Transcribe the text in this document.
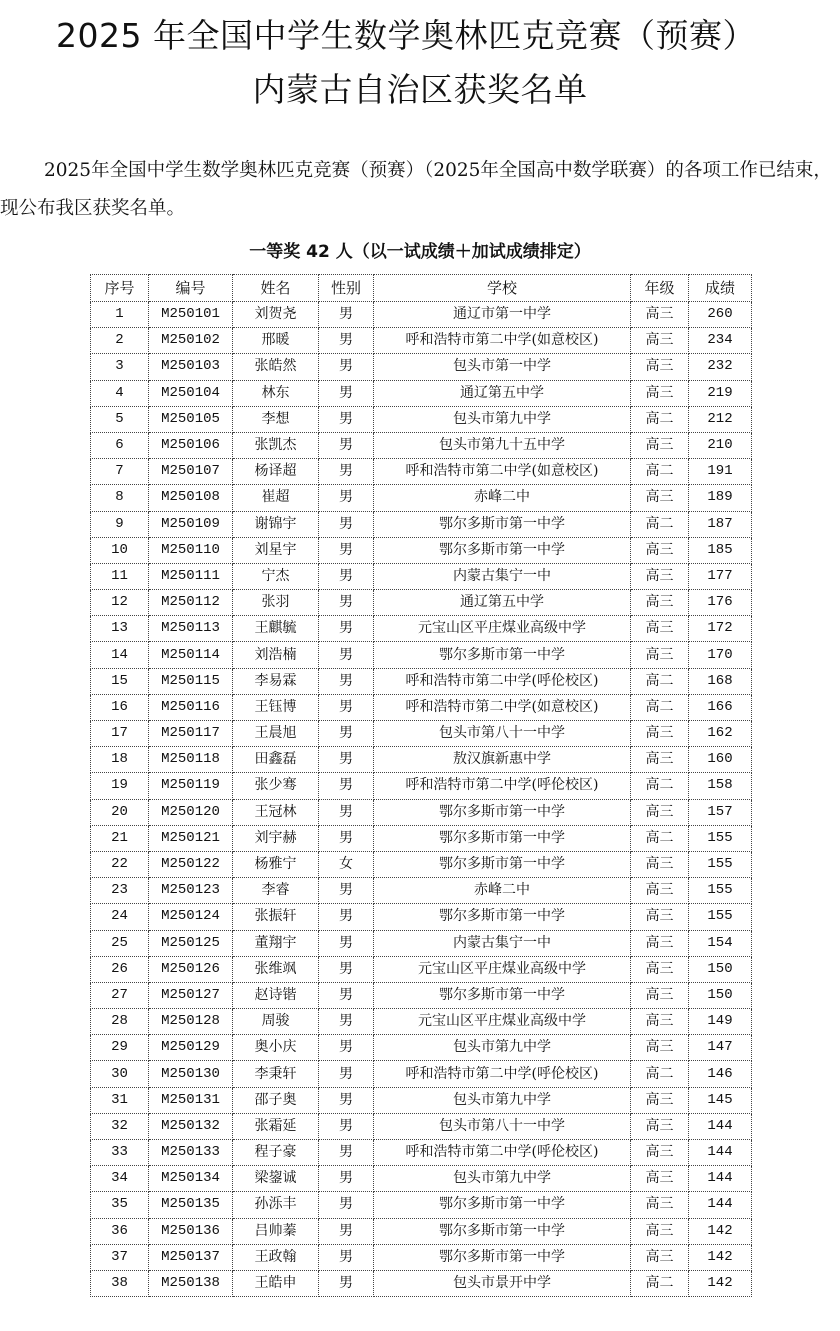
2025 年全国中学生数学奥林匹克竞赛（预赛）
内蒙古自治区获奖名单
2025年全国中学生数学奥林匹克竞赛（预赛）（2025年全国高中数学联赛）的各项工作已结束，现公布我区获奖名单。
一等奖 42 人（以一试成绩＋加试成绩排定）
序号	编号	姓名	性别	学校	年级	成绩
1	M250101	刘贺尧	男	通辽市第一中学	高三	260
2	M250102	邢暖	男	呼和浩特市第二中学(如意校区)	高三	234
3	M250103	张皓然	男	包头市第一中学	高三	232
4	M250104	林东	男	通辽第五中学	高三	219
5	M250105	李想	男	包头市第九中学	高二	212
6	M250106	张凯杰	男	包头市第九十五中学	高三	210
7	M250107	杨译超	男	呼和浩特市第二中学(如意校区)	高二	191
8	M250108	崔超	男	赤峰二中	高三	189
9	M250109	谢锦宇	男	鄂尔多斯市第一中学	高二	187
10	M250110	刘星宇	男	鄂尔多斯市第一中学	高三	185
11	M250111	宁杰	男	内蒙古集宁一中	高三	177
12	M250112	张羽	男	通辽第五中学	高三	176
13	M250113	王麒毓	男	元宝山区平庄煤业高级中学	高三	172
14	M250114	刘浩楠	男	鄂尔多斯市第一中学	高三	170
15	M250115	李易霖	男	呼和浩特市第二中学(呼伦校区)	高二	168
16	M250116	王钰博	男	呼和浩特市第二中学(如意校区)	高二	166
17	M250117	王晨旭	男	包头市第八十一中学	高三	162
18	M250118	田鑫磊	男	敖汉旗新惠中学	高三	160
19	M250119	张少骞	男	呼和浩特市第二中学(呼伦校区)	高二	158
20	M250120	王冠林	男	鄂尔多斯市第一中学	高三	157
21	M250121	刘宇赫	男	鄂尔多斯市第一中学	高二	155
22	M250122	杨雅宁	女	鄂尔多斯市第一中学	高三	155
23	M250123	李睿	男	赤峰二中	高三	155
24	M250124	张振轩	男	鄂尔多斯市第一中学	高三	155
25	M250125	董翔宇	男	内蒙古集宁一中	高三	154
26	M250126	张维飒	男	元宝山区平庄煤业高级中学	高三	150
27	M250127	赵诗锴	男	鄂尔多斯市第一中学	高三	150
28	M250128	周骏	男	元宝山区平庄煤业高级中学	高三	149
29	M250129	奥小庆	男	包头市第九中学	高三	147
30	M250130	李秉轩	男	呼和浩特市第二中学(呼伦校区)	高二	146
31	M250131	邵子奥	男	包头市第九中学	高三	145
32	M250132	张霜延	男	包头市第八十一中学	高三	144
33	M250133	程子豪	男	呼和浩特市第二中学(呼伦校区)	高三	144
34	M250134	梁鋆诚	男	包头市第九中学	高三	144
35	M250135	孙泺丰	男	鄂尔多斯市第一中学	高三	144
36	M250136	吕帅蓁	男	鄂尔多斯市第一中学	高三	142
37	M250137	王政翰	男	鄂尔多斯市第一中学	高三	142
38	M250138	王皓申	男	包头市景开中学	高二	142
